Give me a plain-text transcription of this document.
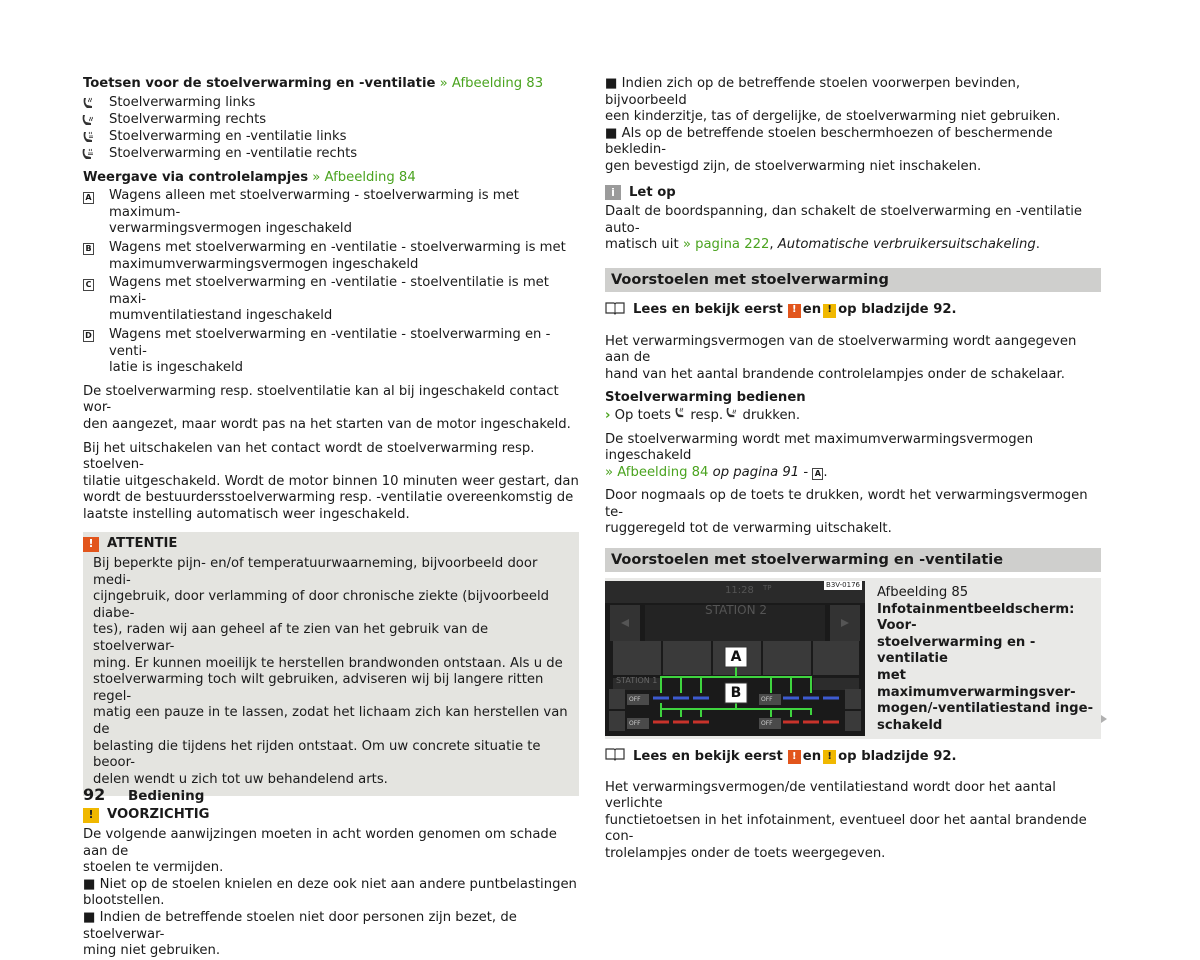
Toetsen voor de stoelverwarming en -ventilatie » Afbeelding 83
Stoelverwarming links
Stoelverwarming rechts
Stoelverwarming en -ventilatie links
Stoelverwarming en -ventilatie rechts
Weergave via controlelampjes » Afbeelding 84
A	Wagens alleen met stoelverwarming - stoelverwarming is met maximum-
verwarmingsvermogen ingeschakeld
B	Wagens met stoelverwarming en -ventilatie - stoelverwarming is met
maximumverwarmingsvermogen ingeschakeld
C	Wagens met stoelverwarming en -ventilatie - stoelventilatie is met maxi-
mumventilatiestand ingeschakeld
D	Wagens met stoelverwarming en -ventilatie - stoelverwarming en -venti-
latie is ingeschakeld
De stoelverwarming resp. stoelventilatie kan al bij ingeschakeld contact wor-
den aangezet, maar wordt pas na het starten van de motor ingeschakeld.
Bij het uitschakelen van het contact wordt de stoelverwarming resp. stoelven-
tilatie uitgeschakeld. Wordt de motor binnen 10 minuten weer gestart, dan
wordt de bestuurdersstoelverwarming resp. -ventilatie overeenkomstig de
laatste instelling automatisch weer ingeschakeld.
!	ATTENTIE
Bij beperkte pijn- en/of temperatuurwaarneming, bijvoorbeeld door medi-
cijngebruik, door verlamming of door chronische ziekte (bijvoorbeeld diabe-
tes), raden wij aan geheel af te zien van het gebruik van de stoelverwar-
ming. Er kunnen moeilijk te herstellen brandwonden ontstaan. Als u de
stoelverwarming toch wilt gebruiken, adviseren wij bij langere ritten regel-
matig een pauze in te lassen, zodat het lichaam zich kan herstellen van de
belasting die tijdens het rijden ontstaat. Om uw concrete situatie te beoor-
delen wendt u zich tot uw behandelend arts.
!	VOORZICHTIG
De volgende aanwijzingen moeten in acht worden genomen om schade aan de
stoelen te vermijden.
■ Niet op de stoelen knielen en deze ook niet aan andere puntbelastingen
blootstellen.
■ Indien de betreffende stoelen niet door personen zijn bezet, de stoelverwar-
ming niet gebruiken.
■ Indien zich op de betreffende stoelen voorwerpen bevinden, bijvoorbeeld
een kinderzitje, tas of dergelijke, de stoelverwarming niet gebruiken.
■ Als op de betreffende stoelen beschermhoezen of beschermende bekledin-
gen bevestigd zijn, de stoelverwarming niet inschakelen.
i	Let op
Daalt de boordspanning, dan schakelt de stoelverwarming en -ventilatie auto-
matisch uit » pagina 222, Automatische verbruikersuitschakeling.
Voorstoelen met stoelverwarming
Lees en bekijk eerst ! en ! op bladzijde 92.
Het verwarmingsvermogen van de stoelverwarming wordt aangegeven aan de
hand van het aantal brandende controlelampjes onder de schakelaar.
Stoelverwarming bedienen
› Op toets resp. drukken.
De stoelverwarming wordt met maximumverwarmingsvermogen ingeschakeld
» Afbeelding 84 op pagina 91 - A .
Door nogmaals op de toets te drukken, wordt het verwarmingsvermogen te-
ruggeregeld tot de verwarming uitschakelt.
Voorstoelen met stoelverwarming en -ventilatie
B3V-0176
11:28 TP
STATION 2
STATION 1
A
B
OFF	OFF
OFF	OFF
Afbeelding 85
Infotainmentbeeldscherm: Voor-
stoelverwarming en -ventilatie
met maximumverwarmingsver-
mogen/-ventilatiestand inge-
schakeld
Lees en bekijk eerst ! en ! op bladzijde 92.
Het verwarmingsvermogen/de ventilatiestand wordt door het aantal verlichte
functietoetsen in het infotainment, eventueel door het aantal brandende con-
trolelampjes onder de toets weergegeven.
92 Bediening
